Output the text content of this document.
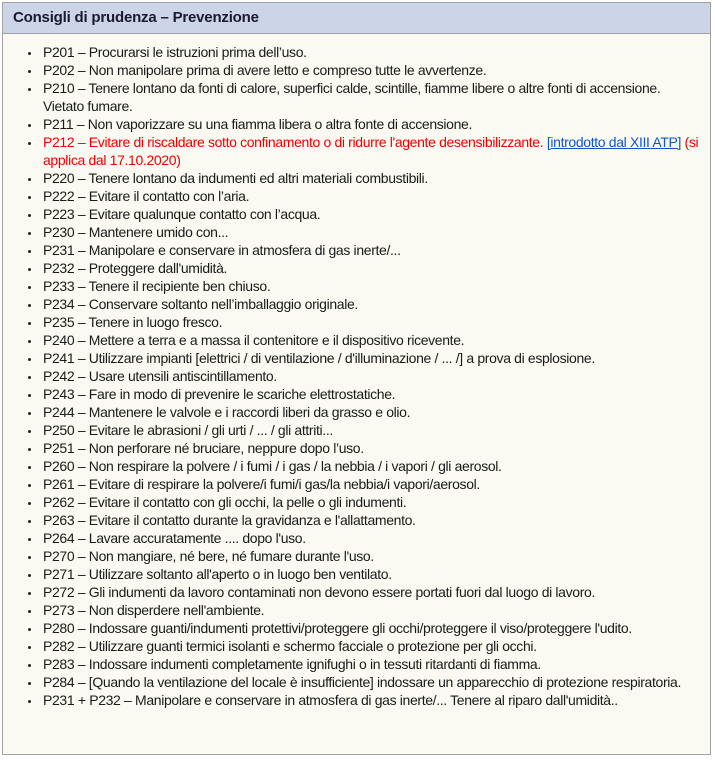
Consigli di prudenza – Prevenzione
• P201 – Procurarsi le istruzioni prima dell’uso.
• P202 – Non manipolare prima di avere letto e compreso tutte le avvertenze.
• P210 – Tenere lontano da fonti di calore, superfici calde, scintille, fiamme libere o altre fonti di accensione. Vietato fumare.
• P211 – Non vaporizzare su una fiamma libera o altra fonte di accensione.
• P212 – Evitare di riscaldare sotto confinamento o di ridurre l'agente desensibilizzante. [introdotto dal XIII ATP] (si applica dal 17.10.2020)
• P220 – Tenere lontano da indumenti ed altri materiali combustibili.
• P222 – Evitare il contatto con l’aria.
• P223 – Evitare qualunque contatto con l’acqua.
• P230 – Mantenere umido con...
• P231 – Manipolare e conservare in atmosfera di gas inerte/...
• P232 – Proteggere dall'umidità.
• P233 – Tenere il recipiente ben chiuso.
• P234 – Conservare soltanto nell’imballaggio originale.
• P235 – Tenere in luogo fresco.
• P240 – Mettere a terra e a massa il contenitore e il dispositivo ricevente.
• P241 – Utilizzare impianti [elettrici / di ventilazione / d'illuminazione / ... /] a prova di esplosione.
• P242 – Usare utensili antiscintillamento.
• P243 – Fare in modo di prevenire le scariche elettrostatiche.
• P244 – Mantenere le valvole e i raccordi liberi da grasso e olio.
• P250 – Evitare le abrasioni / gli urti / ... / gli attriti...
• P251 – Non perforare né bruciare, neppure dopo l’uso.
• P260 – Non respirare la polvere / i fumi / i gas / la nebbia / i vapori / gli aerosol.
• P261 – Evitare di respirare la polvere/i fumi/i gas/la nebbia/i vapori/aerosol.
• P262 – Evitare il contatto con gli occhi, la pelle o gli indumenti.
• P263 – Evitare il contatto durante la gravidanza e l'allattamento.
• P264 – Lavare accuratamente .... dopo l'uso.
• P270 – Non mangiare, né bere, né fumare durante l'uso.
• P271 – Utilizzare soltanto all'aperto o in luogo ben ventilato.
• P272 – Gli indumenti da lavoro contaminati non devono essere portati fuori dal luogo di lavoro.
• P273 – Non disperdere nell'ambiente.
• P280 – Indossare guanti/indumenti protettivi/proteggere gli occhi/proteggere il viso/proteggere l'udito.
• P282 – Utilizzare guanti termici isolanti e schermo facciale o protezione per gli occhi.
• P283 – Indossare indumenti completamente ignifughi o in tessuti ritardanti di fiamma.
• P284 – [Quando la ventilazione del locale è insufficiente] indossare un apparecchio di protezione respiratoria.
• P231 + P232 – Manipolare e conservare in atmosfera di gas inerte/... Tenere al riparo dall'umidità..
